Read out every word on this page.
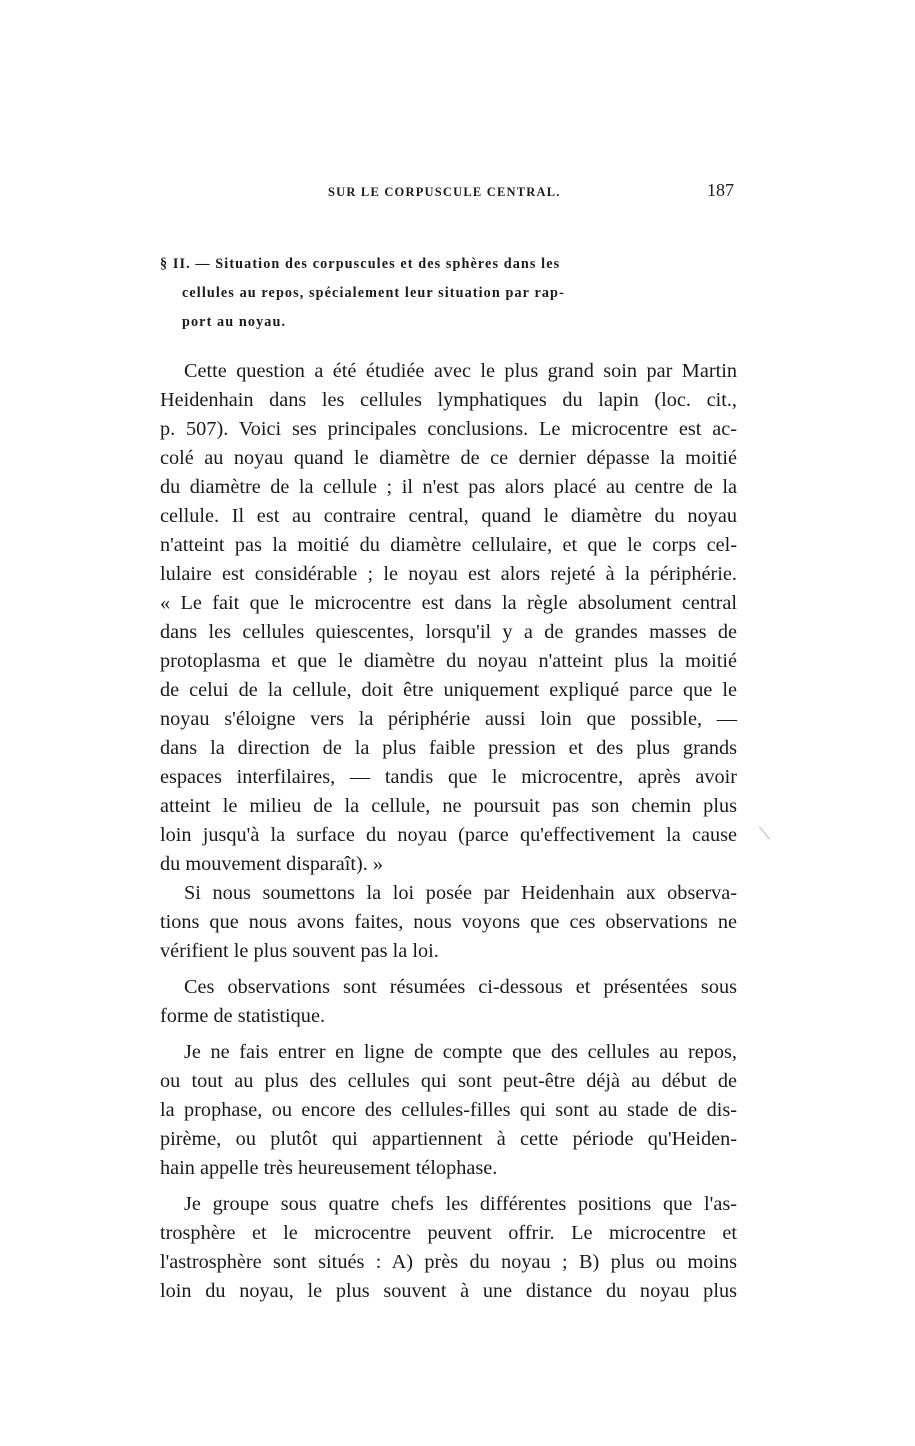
SUR LE CORPUSCULE CENTRAL.	187

§ II. — Situation des corpuscules et des sphères dans les

cellules au repos, spécialement leur situation par rap-

port au noyau.

Cette question a été étudiée avec le plus grand soin par Martin
Heidenhain dans les cellules lymphatiques du lapin (loc. cit.,
p. 507). Voici ses principales conclusions. Le microcentre est ac-
colé au noyau quand le diamètre de ce dernier dépasse la moitié
du diamètre de la cellule ; il n'est pas alors placé au centre de la
cellule. Il est au contraire central, quand le diamètre du noyau
n'atteint pas la moitié du diamètre cellulaire, et que le corps cel-
lulaire est considérable ; le noyau est alors rejeté à la périphérie.
« Le fait que le microcentre est dans la règle absolument central
dans les cellules quiescentes, lorsqu'il y a de grandes masses de
protoplasma et que le diamètre du noyau n'atteint plus la moitié
de celui de la cellule, doit être uniquement expliqué parce que le
noyau s'éloigne vers la périphérie aussi loin que possible, —
dans la direction de la plus faible pression et des plus grands
espaces interfilaires, — tandis que le microcentre, après avoir
atteint le milieu de la cellule, ne poursuit pas son chemin plus
loin jusqu'à la surface du noyau (parce qu'effectivement la cause
du mouvement disparaît). »
Si nous soumettons la loi posée par Heidenhain aux observa-
tions que nous avons faites, nous voyons que ces observations ne
vérifient le plus souvent pas la loi.
Ces observations sont résumées ci-dessous et présentées sous
forme de statistique.
Je ne fais entrer en ligne de compte que des cellules au repos,
ou tout au plus des cellules qui sont peut-être déjà au début de
la prophase, ou encore des cellules-filles qui sont au stade de dis-
pirème, ou plutôt qui appartiennent à cette période qu'Heiden-
hain appelle très heureusement télophase.
Je groupe sous quatre chefs les différentes positions que l'as-
trosphère et le microcentre peuvent offrir. Le microcentre et
l'astrosphère sont situés : A) près du noyau ; B) plus ou moins
loin du noyau, le plus souvent à une distance du noyau plus
